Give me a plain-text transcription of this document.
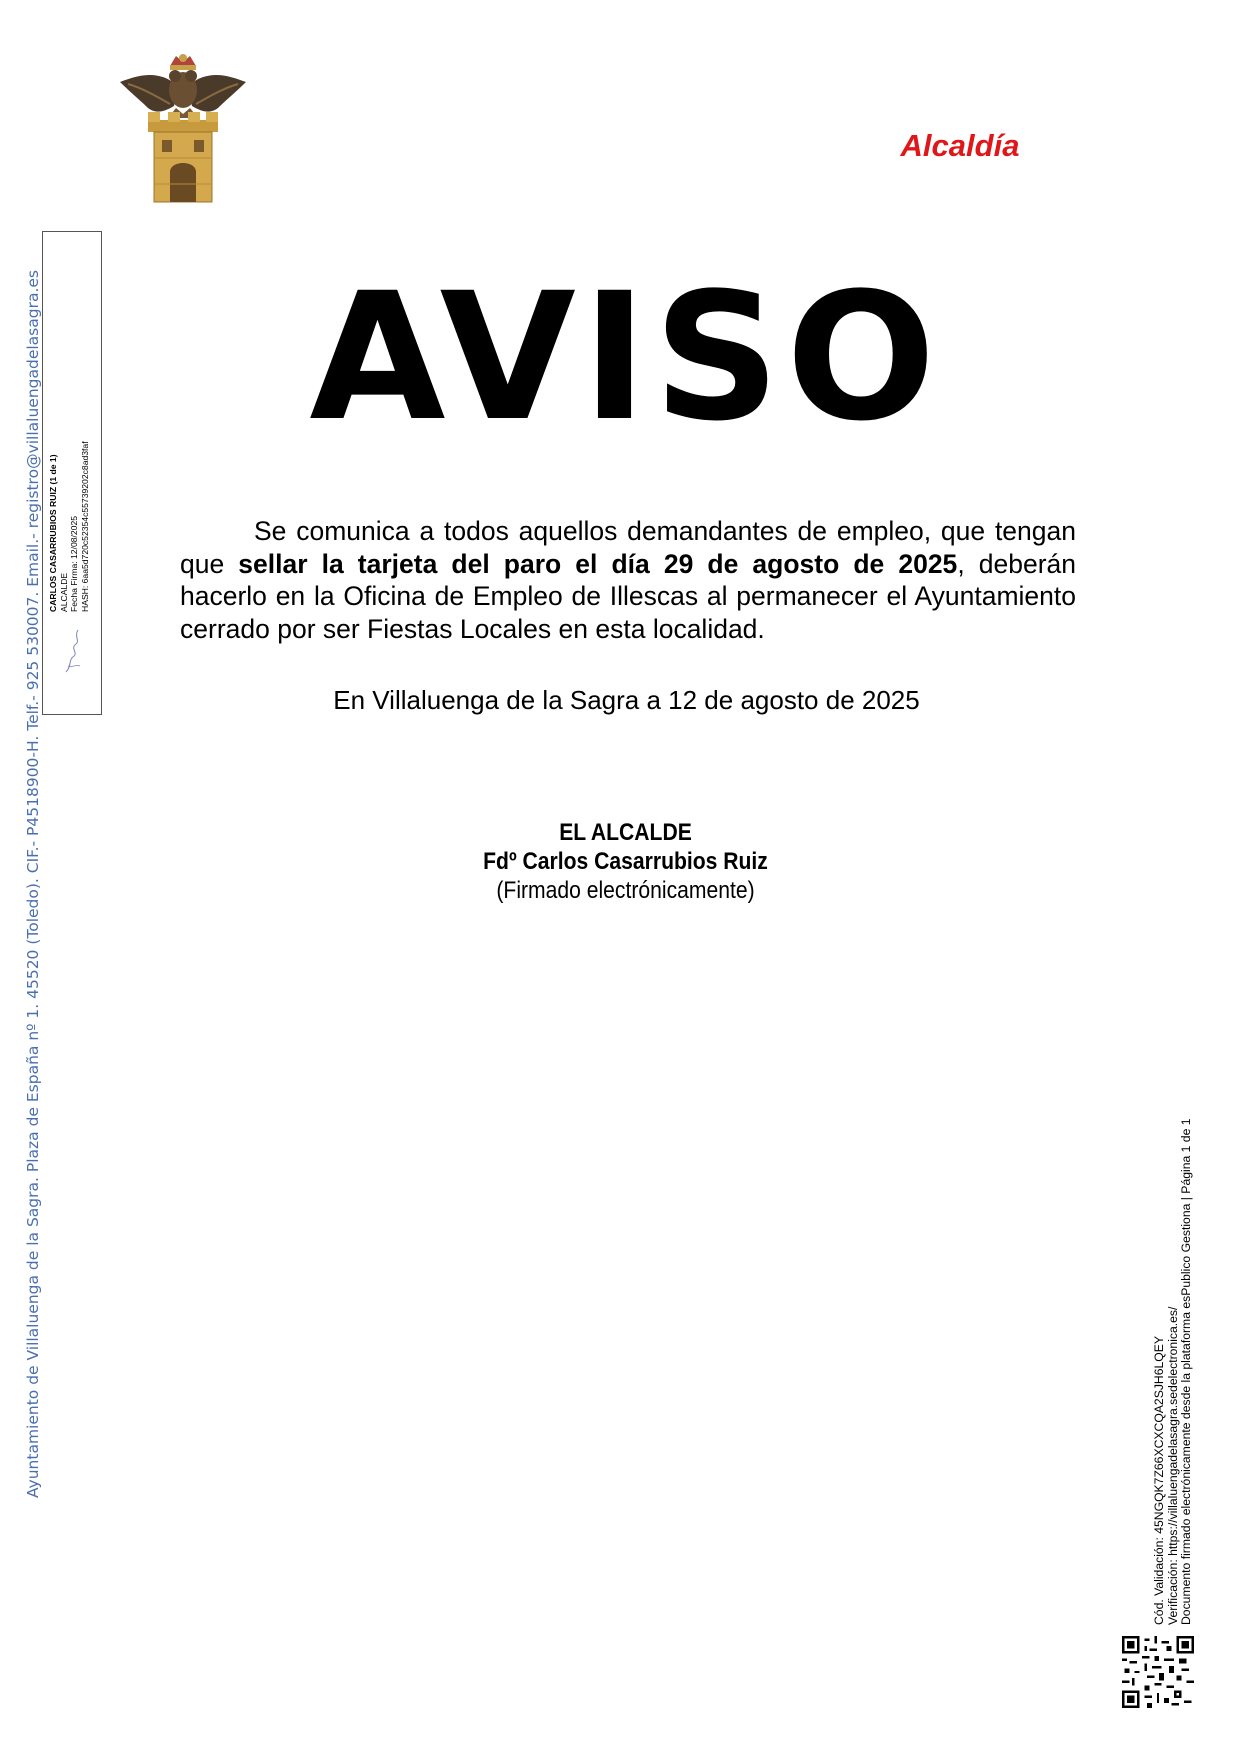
Alcaldía
AVISO
Se comunica a todos aquellos demandantes de empleo, que tengan que sellar la tarjeta del paro el día 29 de agosto de 2025, deberán hacerlo en la Oficina de Empleo de Illescas al permanecer el Ayuntamiento cerrado por ser Fiestas Locales en esta localidad.
En Villaluenga de la Sagra a 12 de agosto de 2025
EL ALCALDE
Fdº Carlos Casarrubios Ruiz
(Firmado electrónicamente)
Ayuntamiento de Villaluenga de la Sagra. Plaza de España nº 1. 45520 (Toledo). CIF.- P4518900-H. Telf.- 925 530007. Email.- registro@villaluengadelasagra.es CARLOS CASARRUBIOS RUIZ (1 de 1) ALCALDE Fecha Firma: 12/08/2025 HASH: 6aa5d720c52354c55739202c8ad3faf
Cód. Validación: 45NGQK7Z66XCXCQA2SJH6LQEY Verificación: https://villaluengadelasagra.sedelectronica.es/ Documento firmado electrónicamente desde la plataforma esPublico Gestiona | Página 1 de 1
